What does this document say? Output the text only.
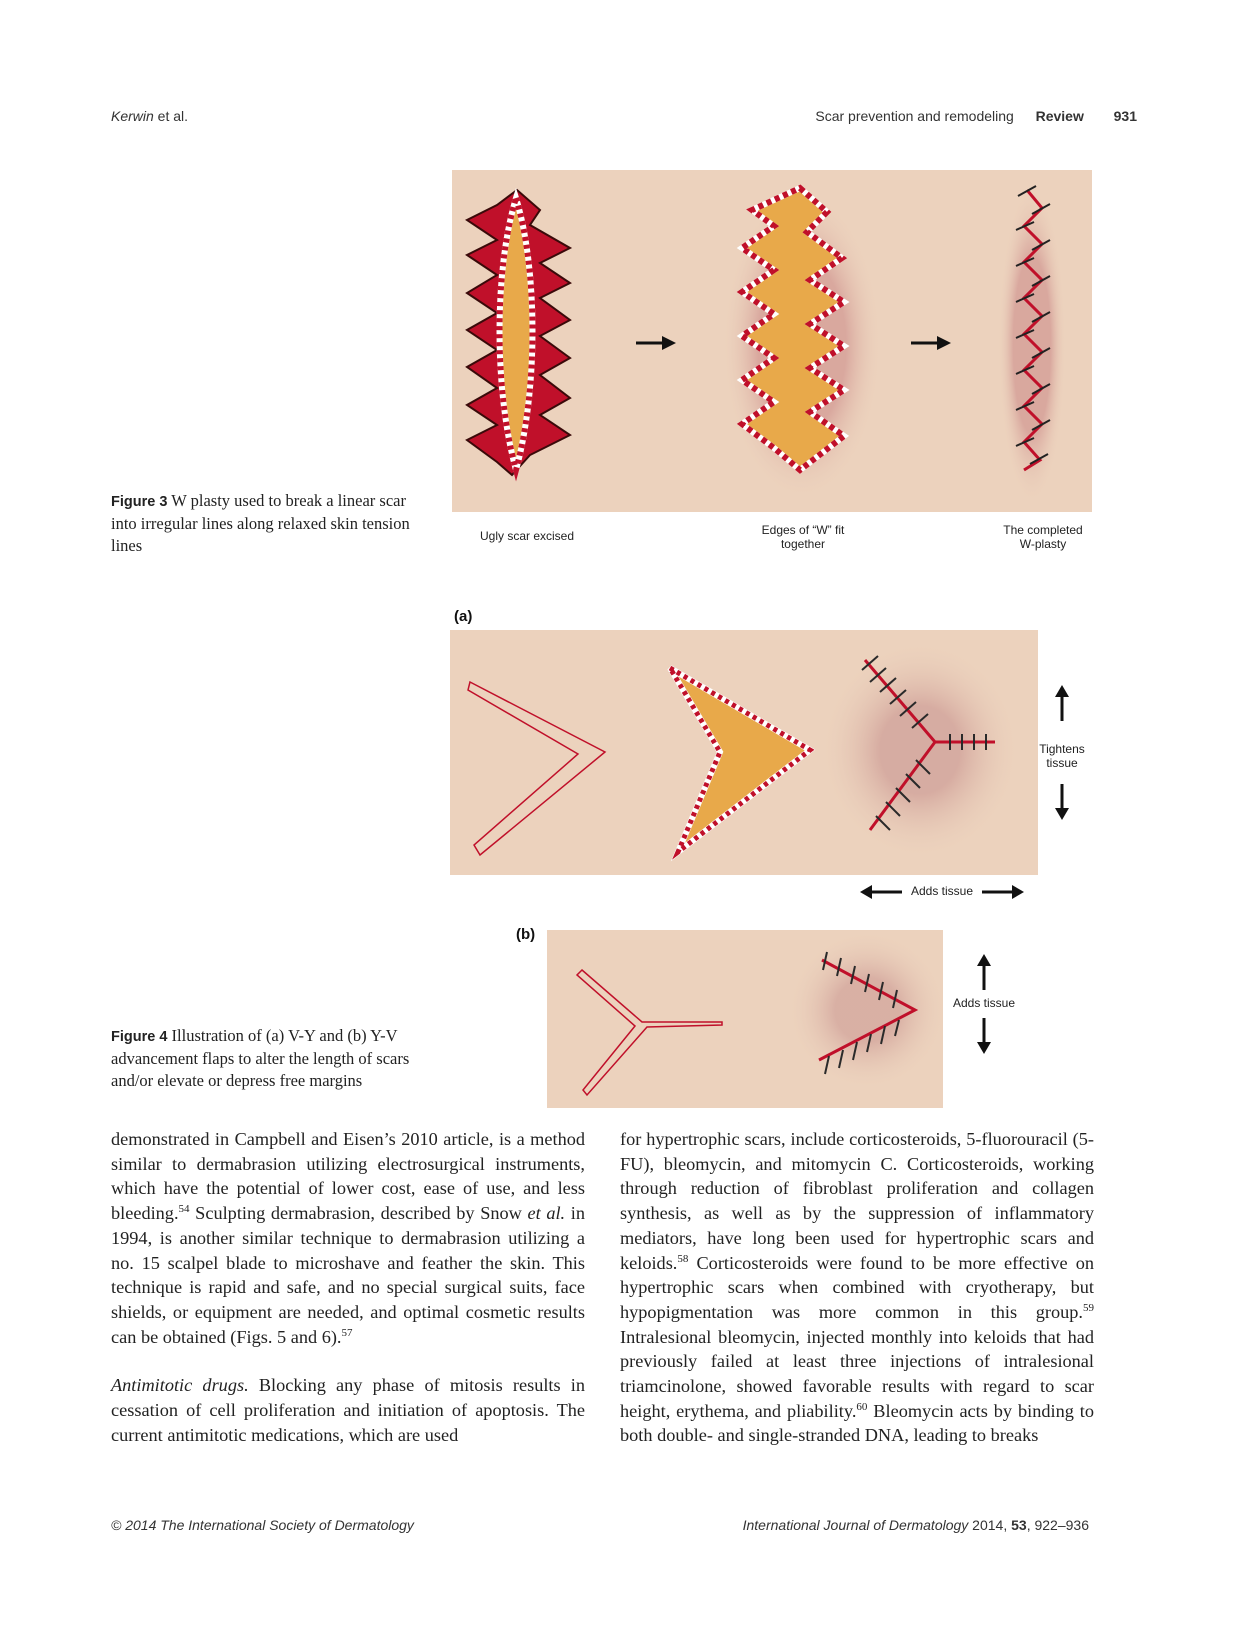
Kerwin et al.	Scar prevention and remodeling Review 931
Ugly scar excised	Edges of “W” fit together
The completed W-plasty
Figure 3 W plasty used to break a linear scar into irregular lines along relaxed skin tension lines
(a)
Tightens tissue
Adds tissue
(b)
Adds tissue
Figure 4 Illustration of (a) V-Y and (b) Y-V advancement flaps to alter the length of scars and/or elevate or depress free margins

demonstrated in Campbell and Eisen’s 2010 article, is a method similar to dermabrasion utilizing electrosurgical instruments, which have the potential of lower cost, ease of use, and less bleeding.$^{54}$ Sculpting dermabrasion, described by Snow et al. in 1994, is another similar technique to dermabrasion utilizing a no. 15 scalpel blade to microshave and feather the skin. This technique is rapid and safe, and no special surgical suits, face shields, or equipment are needed, and optimal cosmetic results can be obtained (Figs. 5 and 6).$^{57}$

Antimitotic drugs. Blocking any phase of mitosis results in cessation of cell proliferation and initiation of apoptosis. The current antimitotic medications, which are used

for hypertrophic scars, include corticosteroids, 5-fluorouracil (5-FU), bleomycin, and mitomycin C. Corticosteroids, working through reduction of fibroblast proliferation and collagen synthesis, as well as by the suppression of inflammatory mediators, have long been used for hypertrophic scars and keloids.$^{58}$ Corticosteroids were found to be more effective on hypertrophic scars when combined with cryotherapy, but hypopigmentation was more common in this group.$^{59}$ Intralesional bleomycin, injected monthly into keloids that had previously failed at least three injections of intralesional triamcinolone, showed favorable results with regard to scar height, erythema, and pliability.$^{60}$ Bleomycin acts by binding to both double- and single-stranded DNA, leading to breaks

© 2014 The International Society of Dermatology	International Journal of Dermatology 2014, 53, 922–936
